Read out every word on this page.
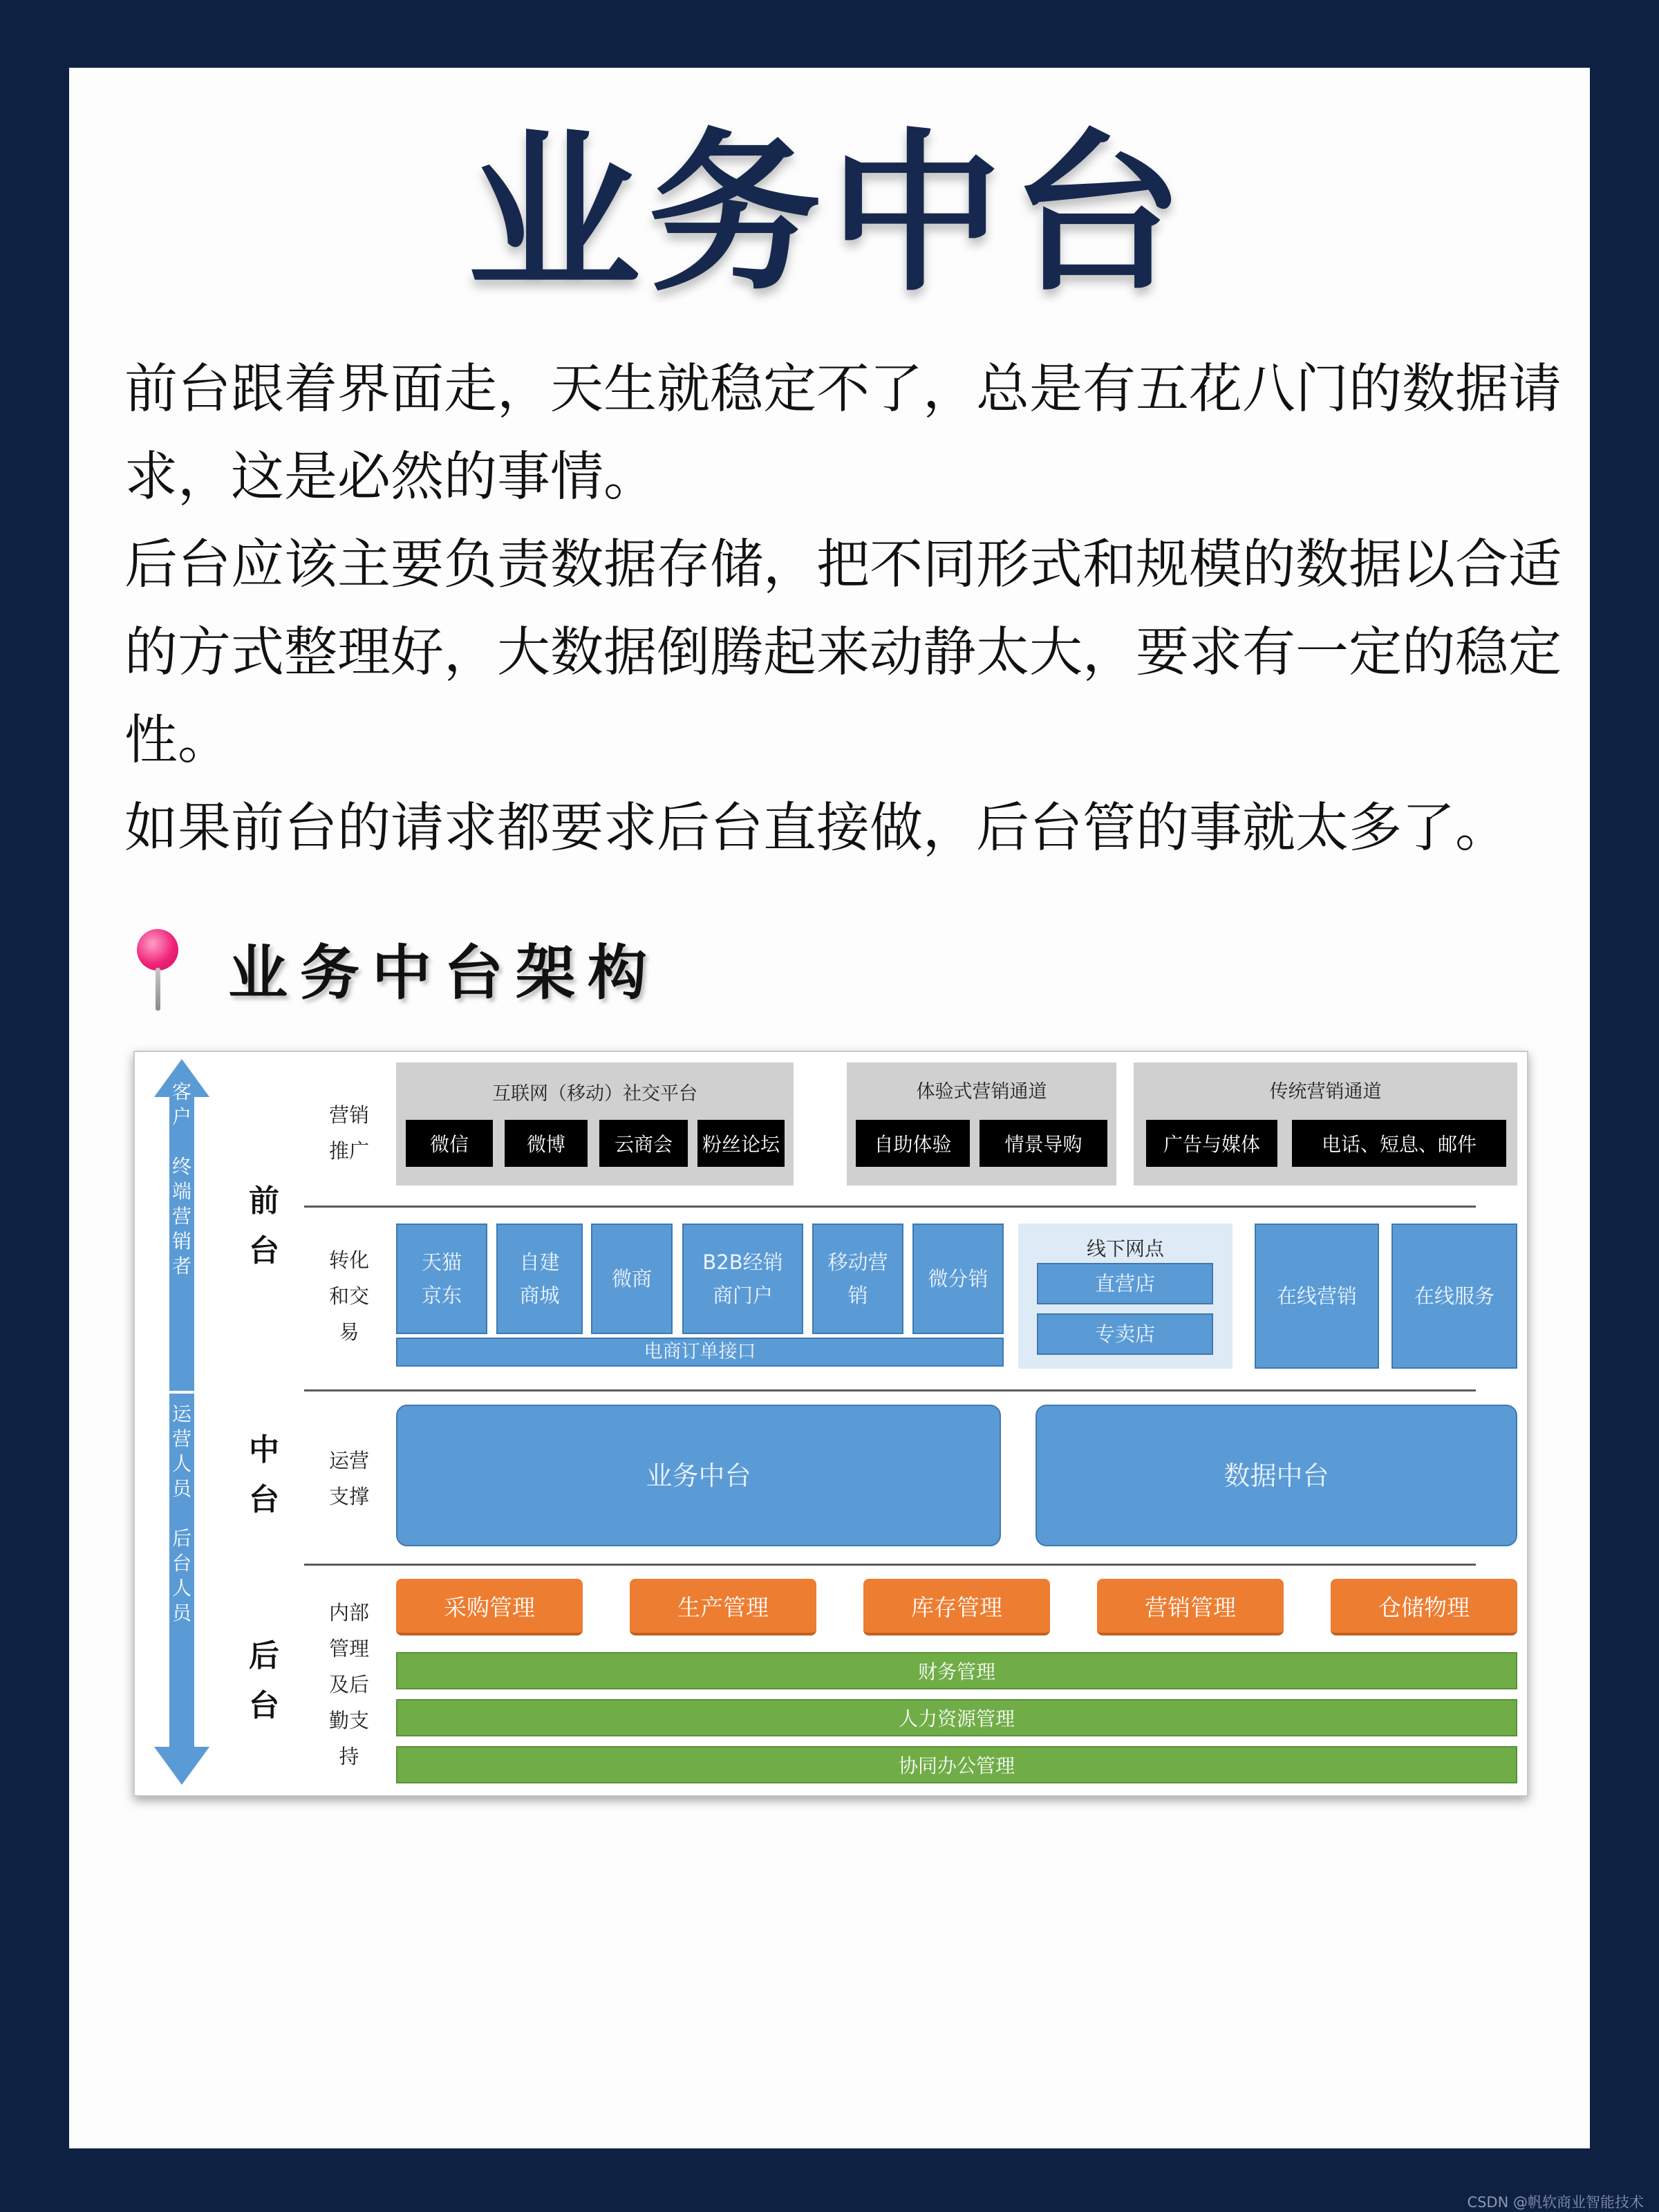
业务中台

前台跟着界面走，天生就稳定不了，总是有五花八门的数据请求，这是必然的事情。

后台应该主要负责数据存储，把不同形式和规模的数据以合适的方式整理好，大数据倒腾起来动静太大，要求有一定的稳定性。

如果前台的请求都要求后台直接做，后台管的事就太多了。

业务中台架构
客
户
终
端
营
销
者
运
营
人
员
后
台
人
员
前
台
中
台
后
台
营销
推广
转化
和交
易
运营
支撑
内部
管理
及后
勤支
持
互联网（移动）社交平台
微信	微博	云商会	粉丝论坛
体验式营销通道
自助体验	情景导购
传统营销通道
广告与媒体	电话、短息、邮件
天猫
京东
自建
商城
微商
B2B经销
商门户
移动营
销
微分销
电商订单接口
线下网点
直营店
专卖店
在线营销	在线服务
业务中台	数据中台
采购管理	生产管理	库存管理	营销管理	仓储物理
财务管理
人力资源管理
协同办公管理
CSDN @帆软商业智能技术
